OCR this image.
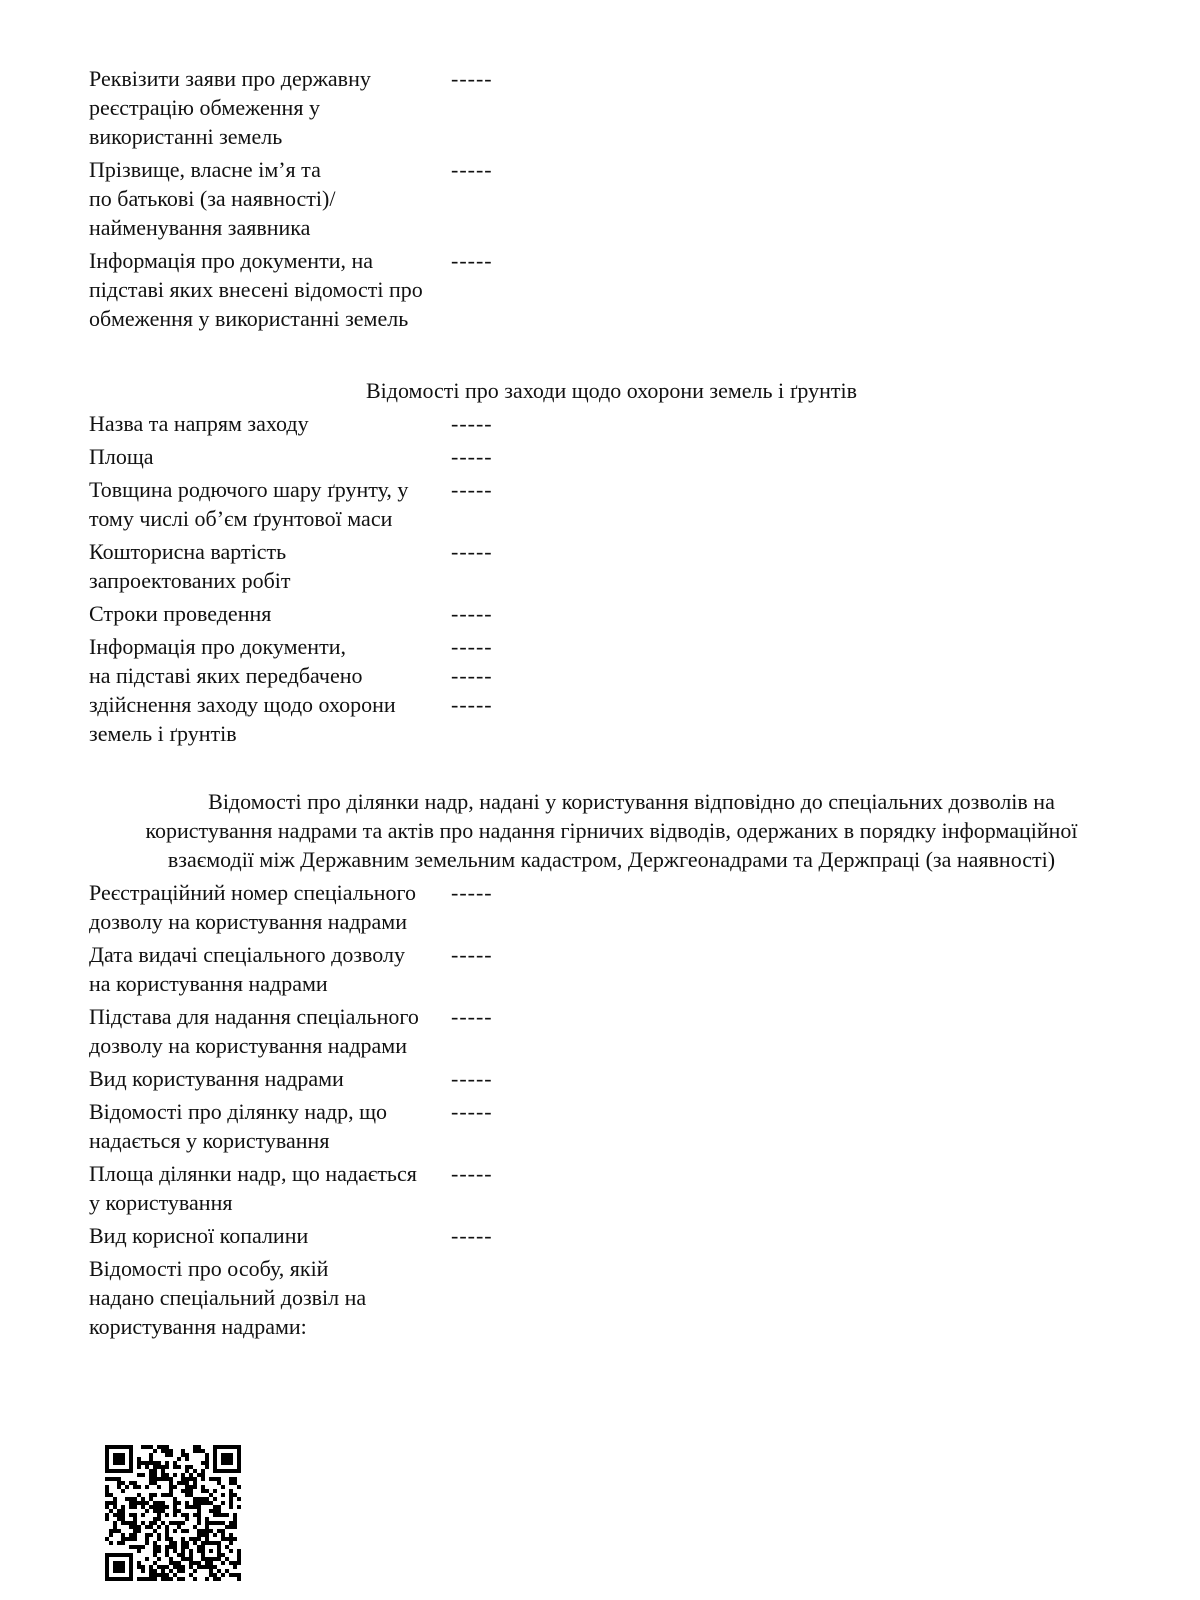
Реквізити заяви про державну
реєстрацію обмеження у
використанні земель
-----
Прізвище, власне ім’я та
по батькові (за наявності)/
найменування заявника
-----
Інформація про документи, на
підставі яких внесені відомості про
обмеження у використанні земель
-----
Відомості про заходи щодо охорони земель і ґрунтів
Назва та напрям заходу	-----
Площа	-----
Товщина родючого шару ґрунту, у
тому числі об’єм ґрунтової маси
-----
Кошторисна вартість
запроектованих робіт
-----
Строки проведення	-----
Інформація про документи,
на підставі яких передбачено
здійснення заходу щодо охорони
земель і ґрунтів
-----
-----
-----
Відомості про ділянки надр, надані у користування відповідно до спеціальних дозволів на
користування надрами та актів про надання гірничих відводів, одержаних в порядку інформаційної
взаємодії між Державним земельним кадастром, Держгеонадрами та Держпраці (за наявності)
Реєстраційний номер спеціального
дозволу на користування надрами
-----
Дата видачі спеціального дозволу
на користування надрами
-----
Підстава для надання спеціального
дозволу на користування надрами
-----
Вид користування надрами	-----
Відомості про ділянку надр, що
надається у користування
-----
Площа ділянки надр, що надається
у користування
-----
Вид корисної копалини	-----
Відомості про особу, якій
надано спеціальний дозвіл на
користування надрами:
